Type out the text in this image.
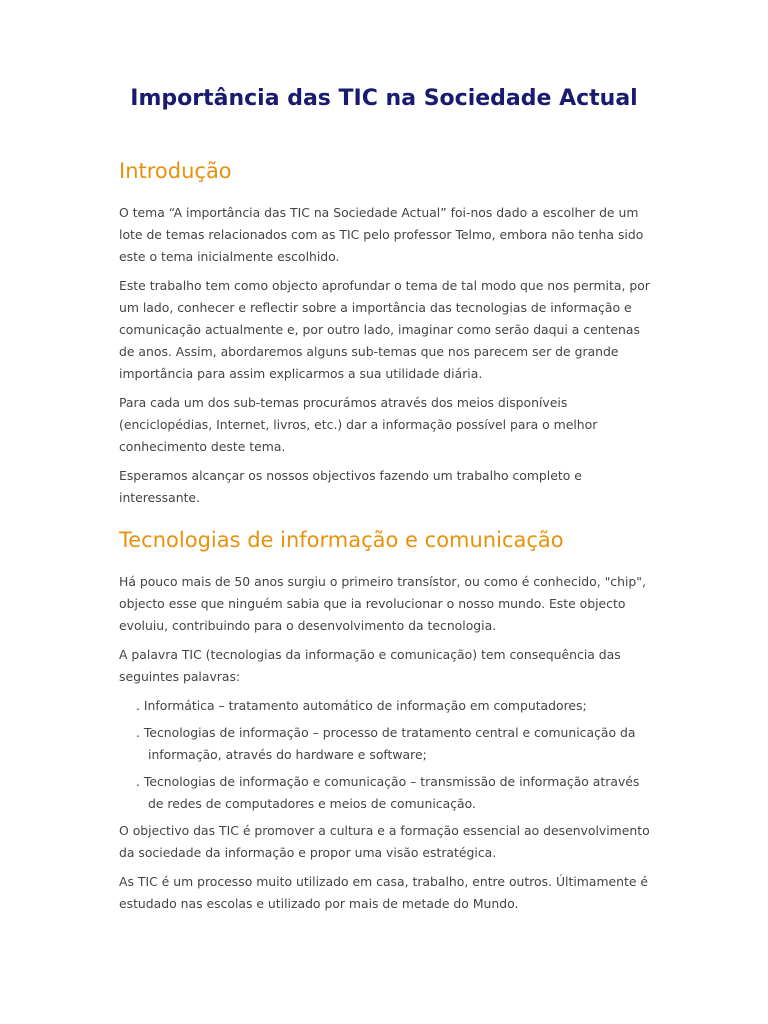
Importância das TIC na Sociedade Actual
Introdução

O tema “A importância das TIC na Sociedade Actual” foi-nos dado a escolher de um lote de temas relacionados com as TIC pelo professor Telmo, embora não tenha sido este o tema inicialmente escolhido.

Este trabalho tem como objecto aprofundar o tema de tal modo que nos permita, por um lado, conhecer e reflectir sobre a importância das tecnologias de informação e comunicação actualmente e, por outro lado, imaginar como serão daqui a centenas de anos. Assim, abordaremos alguns sub-temas que nos parecem ser de grande importância para assim explicarmos a sua utilidade diária.

Para cada um dos sub-temas procurámos através dos meios disponíveis (enciclopédias, Internet, livros, etc.) dar a informação possível para o melhor conhecimento deste tema.

Esperamos alcançar os nossos objectivos fazendo um trabalho completo e interessante.

Tecnologias de informação e comunicação

Há pouco mais de 50 anos surgiu o primeiro transístor, ou como é conhecido, "chip", objecto esse que ninguém sabia que ia revolucionar o nosso mundo. Este objecto evoluiu, contribuindo para o desenvolvimento da tecnologia.

A palavra TIC (tecnologias da informação e comunicação) tem consequência das seguintes palavras:

. Informática – tratamento automático de informação em computadores;

. Tecnologias de informação – processo de tratamento central e comunicação da informação, através do hardware e software;

. Tecnologias de informação e comunicação – transmissão de informação através de redes de computadores e meios de comunicação.

O objectivo das TIC é promover a cultura e a formação essencial ao desenvolvimento da sociedade da informação e propor uma visão estratégica.

As TIC é um processo muito utilizado em casa, trabalho, entre outros. Últimamente é estudado nas escolas e utilizado por mais de metade do Mundo.
